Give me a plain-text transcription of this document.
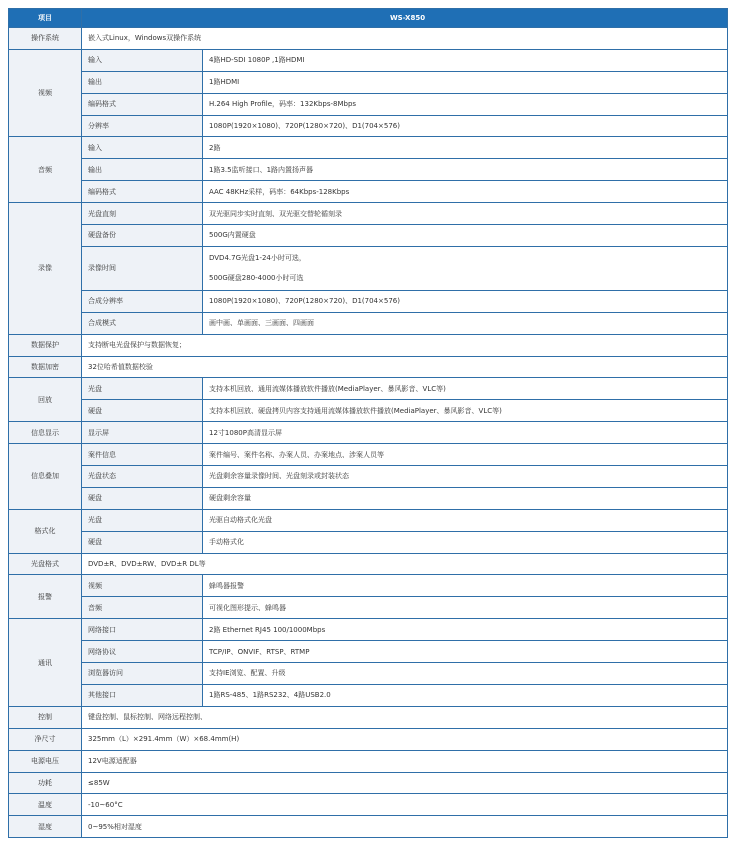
项目	WS-X850	
操作系统	嵌入式Linux，Windows双操作系统	
视频	输入	4路HD-SDI 1080P ,1路HDMI
	输出	1路HDMI
	编码格式	H.264 High Profile，码率：132Kbps-8Mbps
	分辨率	1080P(1920×1080)、720P(1280×720)、D1(704×576)
音频	输入	2路
	输出	1路3.5监听接口、1路内置扬声器
	编码格式	AAC 48KHz采样，码率：64Kbps-128Kbps
录像	光盘直刻	双光驱同步实时直刻、双光驱交替轮循刻录
	硬盘备份	500G内置硬盘
	录像时间	DVD4.7G光盘1-24小时可选，
500G硬盘280-4000小时可选

	合成分辨率	1080P(1920×1080)、720P(1280×720)、D1(704×576)
	合成模式	画中画、单画面、三画面、四画面
数据保护	支持断电光盘保护与数据恢复；	
数据加密	32位哈希值数据校验	
回放	光盘	支持本机回放、通用流媒体播放软件播放(MediaPlayer、暴风影音、VLC等)
	硬盘	支持本机回放、硬盘拷贝内容支持通用流媒体播放软件播放(MediaPlayer、暴风影音、VLC等)
信息显示	显示屏	12寸1080P高清显示屏
信息叠加	案件信息	案件编号、案件名称、办案人员、办案地点、涉案人员等
	光盘状态	光盘剩余容量录像时间、光盘刻录或封装状态
	硬盘	硬盘剩余容量
格式化	光盘	光驱自动格式化光盘
	硬盘	手动格式化
光盘格式	DVD±R、DVD±RW、DVD±R DL等	
报警	视频	蜂鸣器报警
	音频	可视化图形提示、蜂鸣器
通讯	网络接口	2路 Ethernet RJ45 100/1000Mbps
	网络协议	TCP/IP、ONVIF、RTSP、RTMP
	浏览器访问	支持IE浏览、配置、升级
	其他接口	1路RS-485、1路RS232、4路USB2.0
控制	键盘控制、鼠标控制、网络远程控制、	
净尺寸	325mm（L）×291.4mm（W）×68.4mm(H)	
电源电压	12V电源适配器	
功耗	≤85W	
温度	-10~60°C	
湿度	0~95%相对湿度	
